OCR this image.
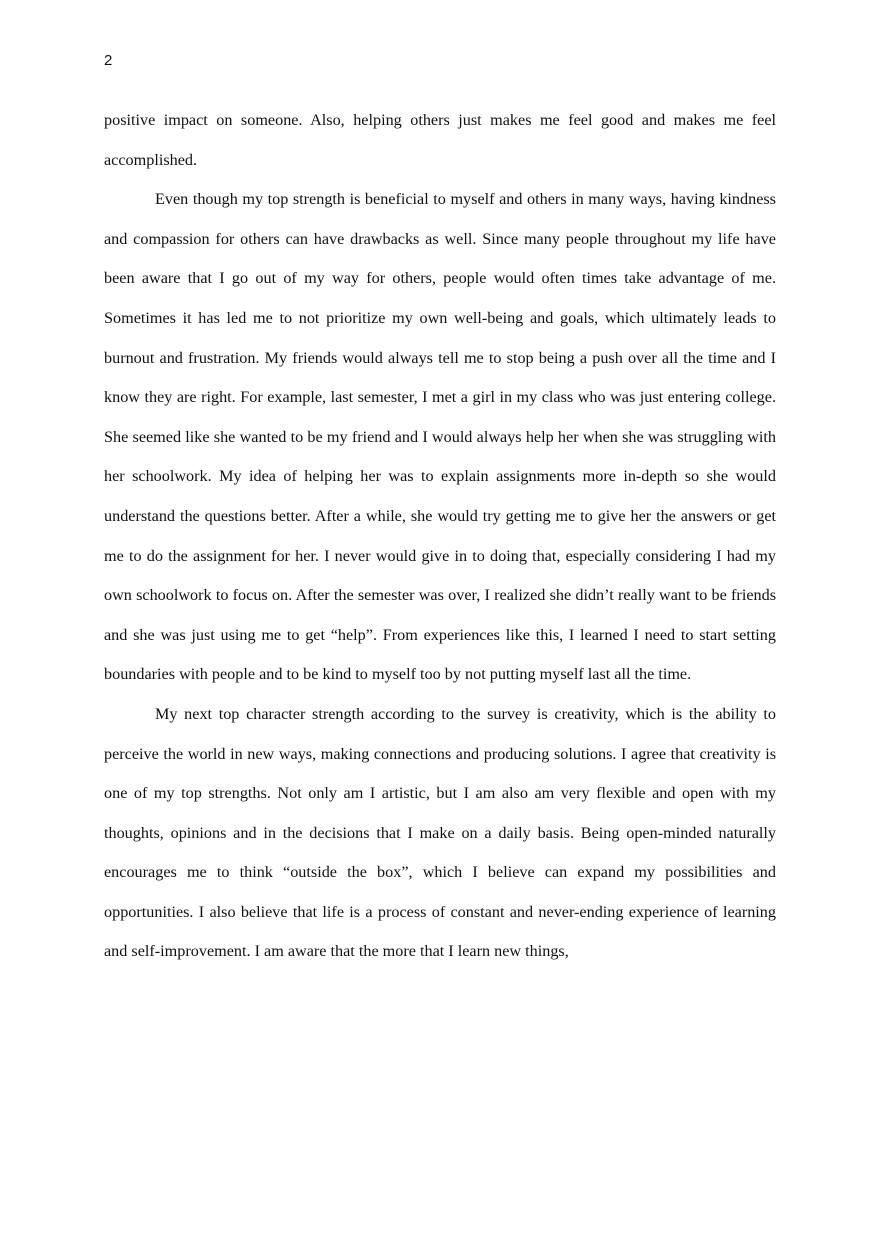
2

positive impact on someone. Also, helping others just makes me feel good and makes me feel accomplished.

Even though my top strength is beneficial to myself and others in many ways, having kindness and compassion for others can have drawbacks as well. Since many people throughout my life have been aware that I go out of my way for others, people would often times take advantage of me. Sometimes it has led me to not prioritize my own well-being and goals, which ultimately leads to burnout and frustration. My friends would always tell me to stop being a push over all the time and I know they are right. For example, last semester, I met a girl in my class who was just entering college. She seemed like she wanted to be my friend and I would always help her when she was struggling with her schoolwork. My idea of helping her was to explain assignments more in-depth so she would understand the questions better. After a while, she would try getting me to give her the answers or get me to do the assignment for her. I never would give in to doing that, especially considering I had my own schoolwork to focus on. After the semester was over, I realized she didn’t really want to be friends and she was just using me to get “help”. From experiences like this, I learned I need to start setting boundaries with people and to be kind to myself too by not putting myself last all the time.

My next top character strength according to the survey is creativity, which is the ability to perceive the world in new ways, making connections and producing solutions. I agree that creativity is one of my top strengths. Not only am I artistic, but I am also am very flexible and open with my thoughts, opinions and in the decisions that I make on a daily basis. Being open-minded naturally encourages me to think “outside the box”, which I believe can expand my possibilities and opportunities. I also believe that life is a process of constant and never-ending experience of learning and self-improvement. I am aware that the more that I learn new things,
